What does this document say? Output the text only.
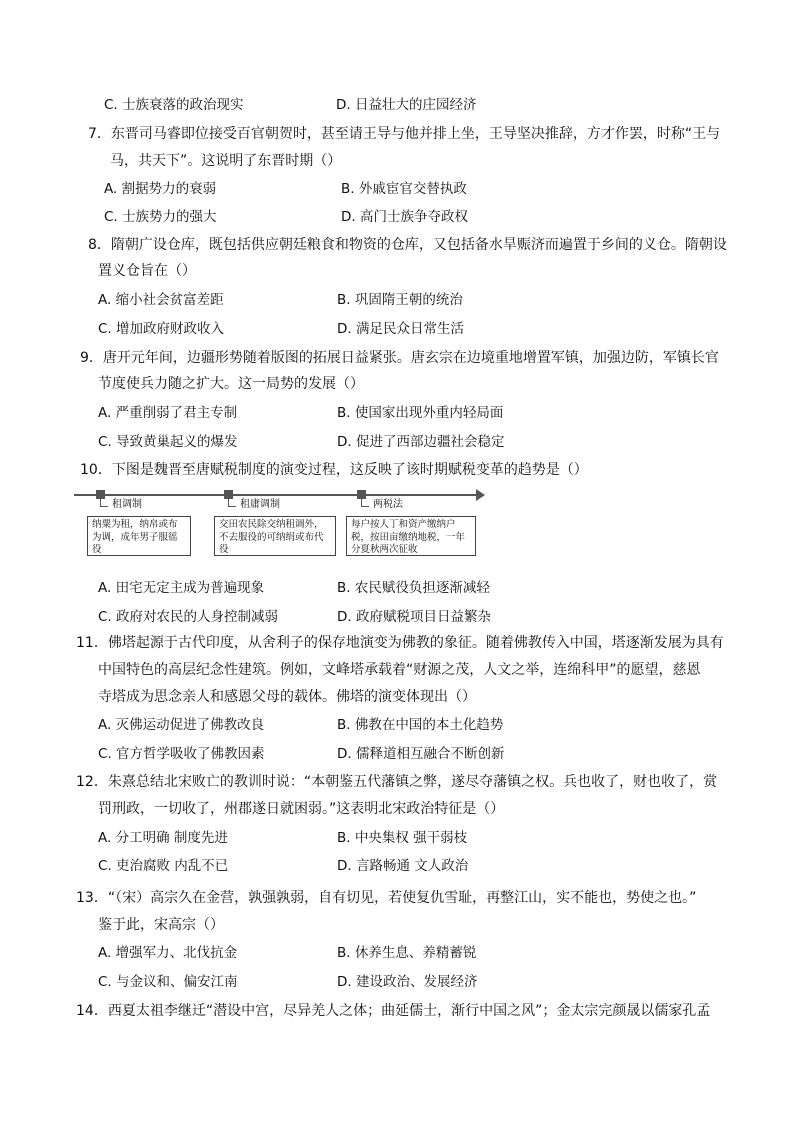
C. 士族衰落的政治现实	D. 日益壮大的庄园经济
7．东晋司马睿即位接受百官朝贺时，甚至请王导与他并排上坐，王导坚决推辞，方才作罢，时称“王与
马，共天下”。这说明了东晋时期（）
A. 割据势力的衰弱	B. 外戚宦官交替执政
C. 士族势力的强大	D. 高门士族争夺政权
8．隋朝广设仓库，既包括供应朝廷粮食和物资的仓库，又包括备水旱赈济而遍置于乡间的义仓。隋朝设
置义仓旨在（）
A. 缩小社会贫富差距	B. 巩固隋王朝的统治
C. 增加政府财政收入	D. 满足民众日常生活
9．唐开元年间，边疆形势随着版图的拓展日益紧张。唐玄宗在边境重地增置军镇，加强边防，军镇长官
节度使兵力随之扩大。这一局势的发展（）
A. 严重削弱了君主专制	B. 使国家出现外重内轻局面
C. 导致黄巢起义的爆发	D. 促进了西部边疆社会稳定
10．下图是魏晋至唐赋税制度的演变过程，这反映了该时期赋税变革的趋势是（）
租调制
纳粟为租，纳帛或布为调，成年男子服徭役
租庸调制
交田农民除交纳租调外，不去服役的可纳绢或布代役
两税法
每户按人丁和资产缴纳户税，按田亩缴纳地税，一年分夏秋两次征收
A. 田宅无定主成为普遍现象	B. 农民赋役负担逐渐减轻
C. 政府对农民的人身控制减弱	D. 政府赋税项目日益繁杂
11．佛塔起源于古代印度，从舍利子的保存地演变为佛教的象征。随着佛教传入中国，塔逐渐发展为具有
中国特色的高层纪念性建筑。例如，文峰塔承载着“财源之茂，人文之举，连绵科甲”的愿望，慈恩
寺塔成为思念亲人和感恩父母的载体。佛塔的演变体现出（）
A. 灭佛运动促进了佛教改良	B. 佛教在中国的本土化趋势
C. 官方哲学吸收了佛教因素	D. 儒释道相互融合不断创新
12．朱熹总结北宋败亡的教训时说：“本朝鉴五代藩镇之弊，遂尽夺藩镇之权。兵也收了，财也收了，赏
罚刑政，一切收了，州郡遂日就困弱。”这表明北宋政治特征是（）
A. 分工明确 制度先进	B. 中央集权 强干弱枝
C. 吏治腐败 内乱不已	D. 言路畅通 文人政治
13．“（宋）高宗久在金营，孰强孰弱，自有切见，若使复仇雪耻，再整江山，实不能也，势使之也。”
鉴于此，宋高宗（）
A. 增强军力、北伐抗金	B. 休养生息、养精蓄锐
C. 与金议和、偏安江南	D. 建设政治、发展经济
14．西夏太祖李继迁“潜设中宫，尽异羌人之体；曲延儒士，渐行中国之风”；金太宗完颜晟以儒家孔孟
